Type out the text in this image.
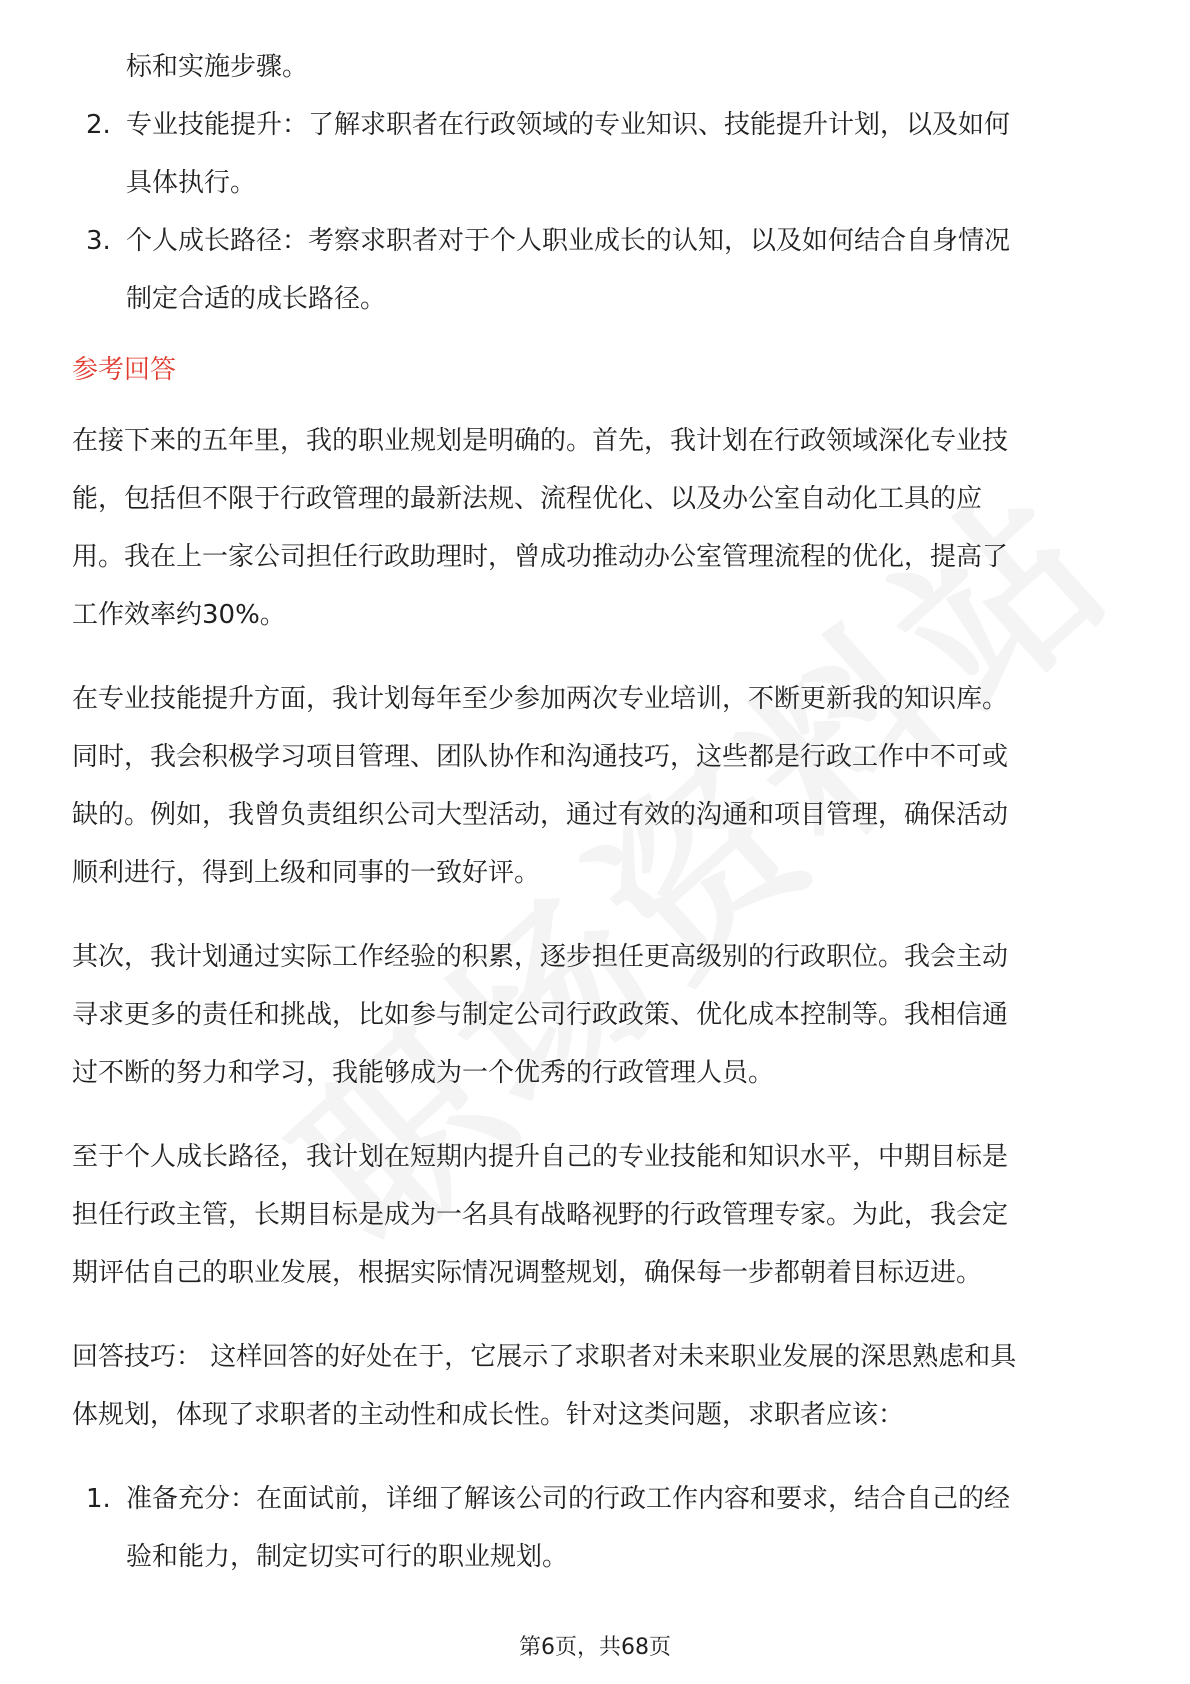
标和实施步骤。
2. 专业技能提升：了解求职者在行政领域的专业知识、技能提升计划，以及如何
具体执行。
3. 个人成长路径：考察求职者对于个人职业成长的认知，以及如何结合自身情况
制定合适的成长路径。
参考回答
在接下来的五年里，我的职业规划是明确的。首先，我计划在行政领域深化专业技
能，包括但不限于行政管理的最新法规、流程优化、以及办公室自动化工具的应
用。我在上一家公司担任行政助理时，曾成功推动办公室管理流程的优化，提高了
工作效率约30%。
在专业技能提升方面，我计划每年至少参加两次专业培训，不断更新我的知识库。
同时，我会积极学习项目管理、团队协作和沟通技巧，这些都是行政工作中不可或
缺的。例如，我曾负责组织公司大型活动，通过有效的沟通和项目管理，确保活动
顺利进行，得到上级和同事的一致好评。
其次，我计划通过实际工作经验的积累，逐步担任更高级别的行政职位。我会主动
寻求更多的责任和挑战，比如参与制定公司行政政策、优化成本控制等。我相信通
过不断的努力和学习，我能够成为一个优秀的行政管理人员。
至于个人成长路径，我计划在短期内提升自己的专业技能和知识水平，中期目标是
担任行政主管，长期目标是成为一名具有战略视野的行政管理专家。为此，我会定
期评估自己的职业发展，根据实际情况调整规划，确保每一步都朝着目标迈进。
回答技巧： 这样回答的好处在于，它展示了求职者对未来职业发展的深思熟虑和具
体规划，体现了求职者的主动性和成长性。针对这类问题，求职者应该：
1. 准备充分：在面试前，详细了解该公司的行政工作内容和要求，结合自己的经
验和能力，制定切实可行的职业规划。
第6页，共68页
